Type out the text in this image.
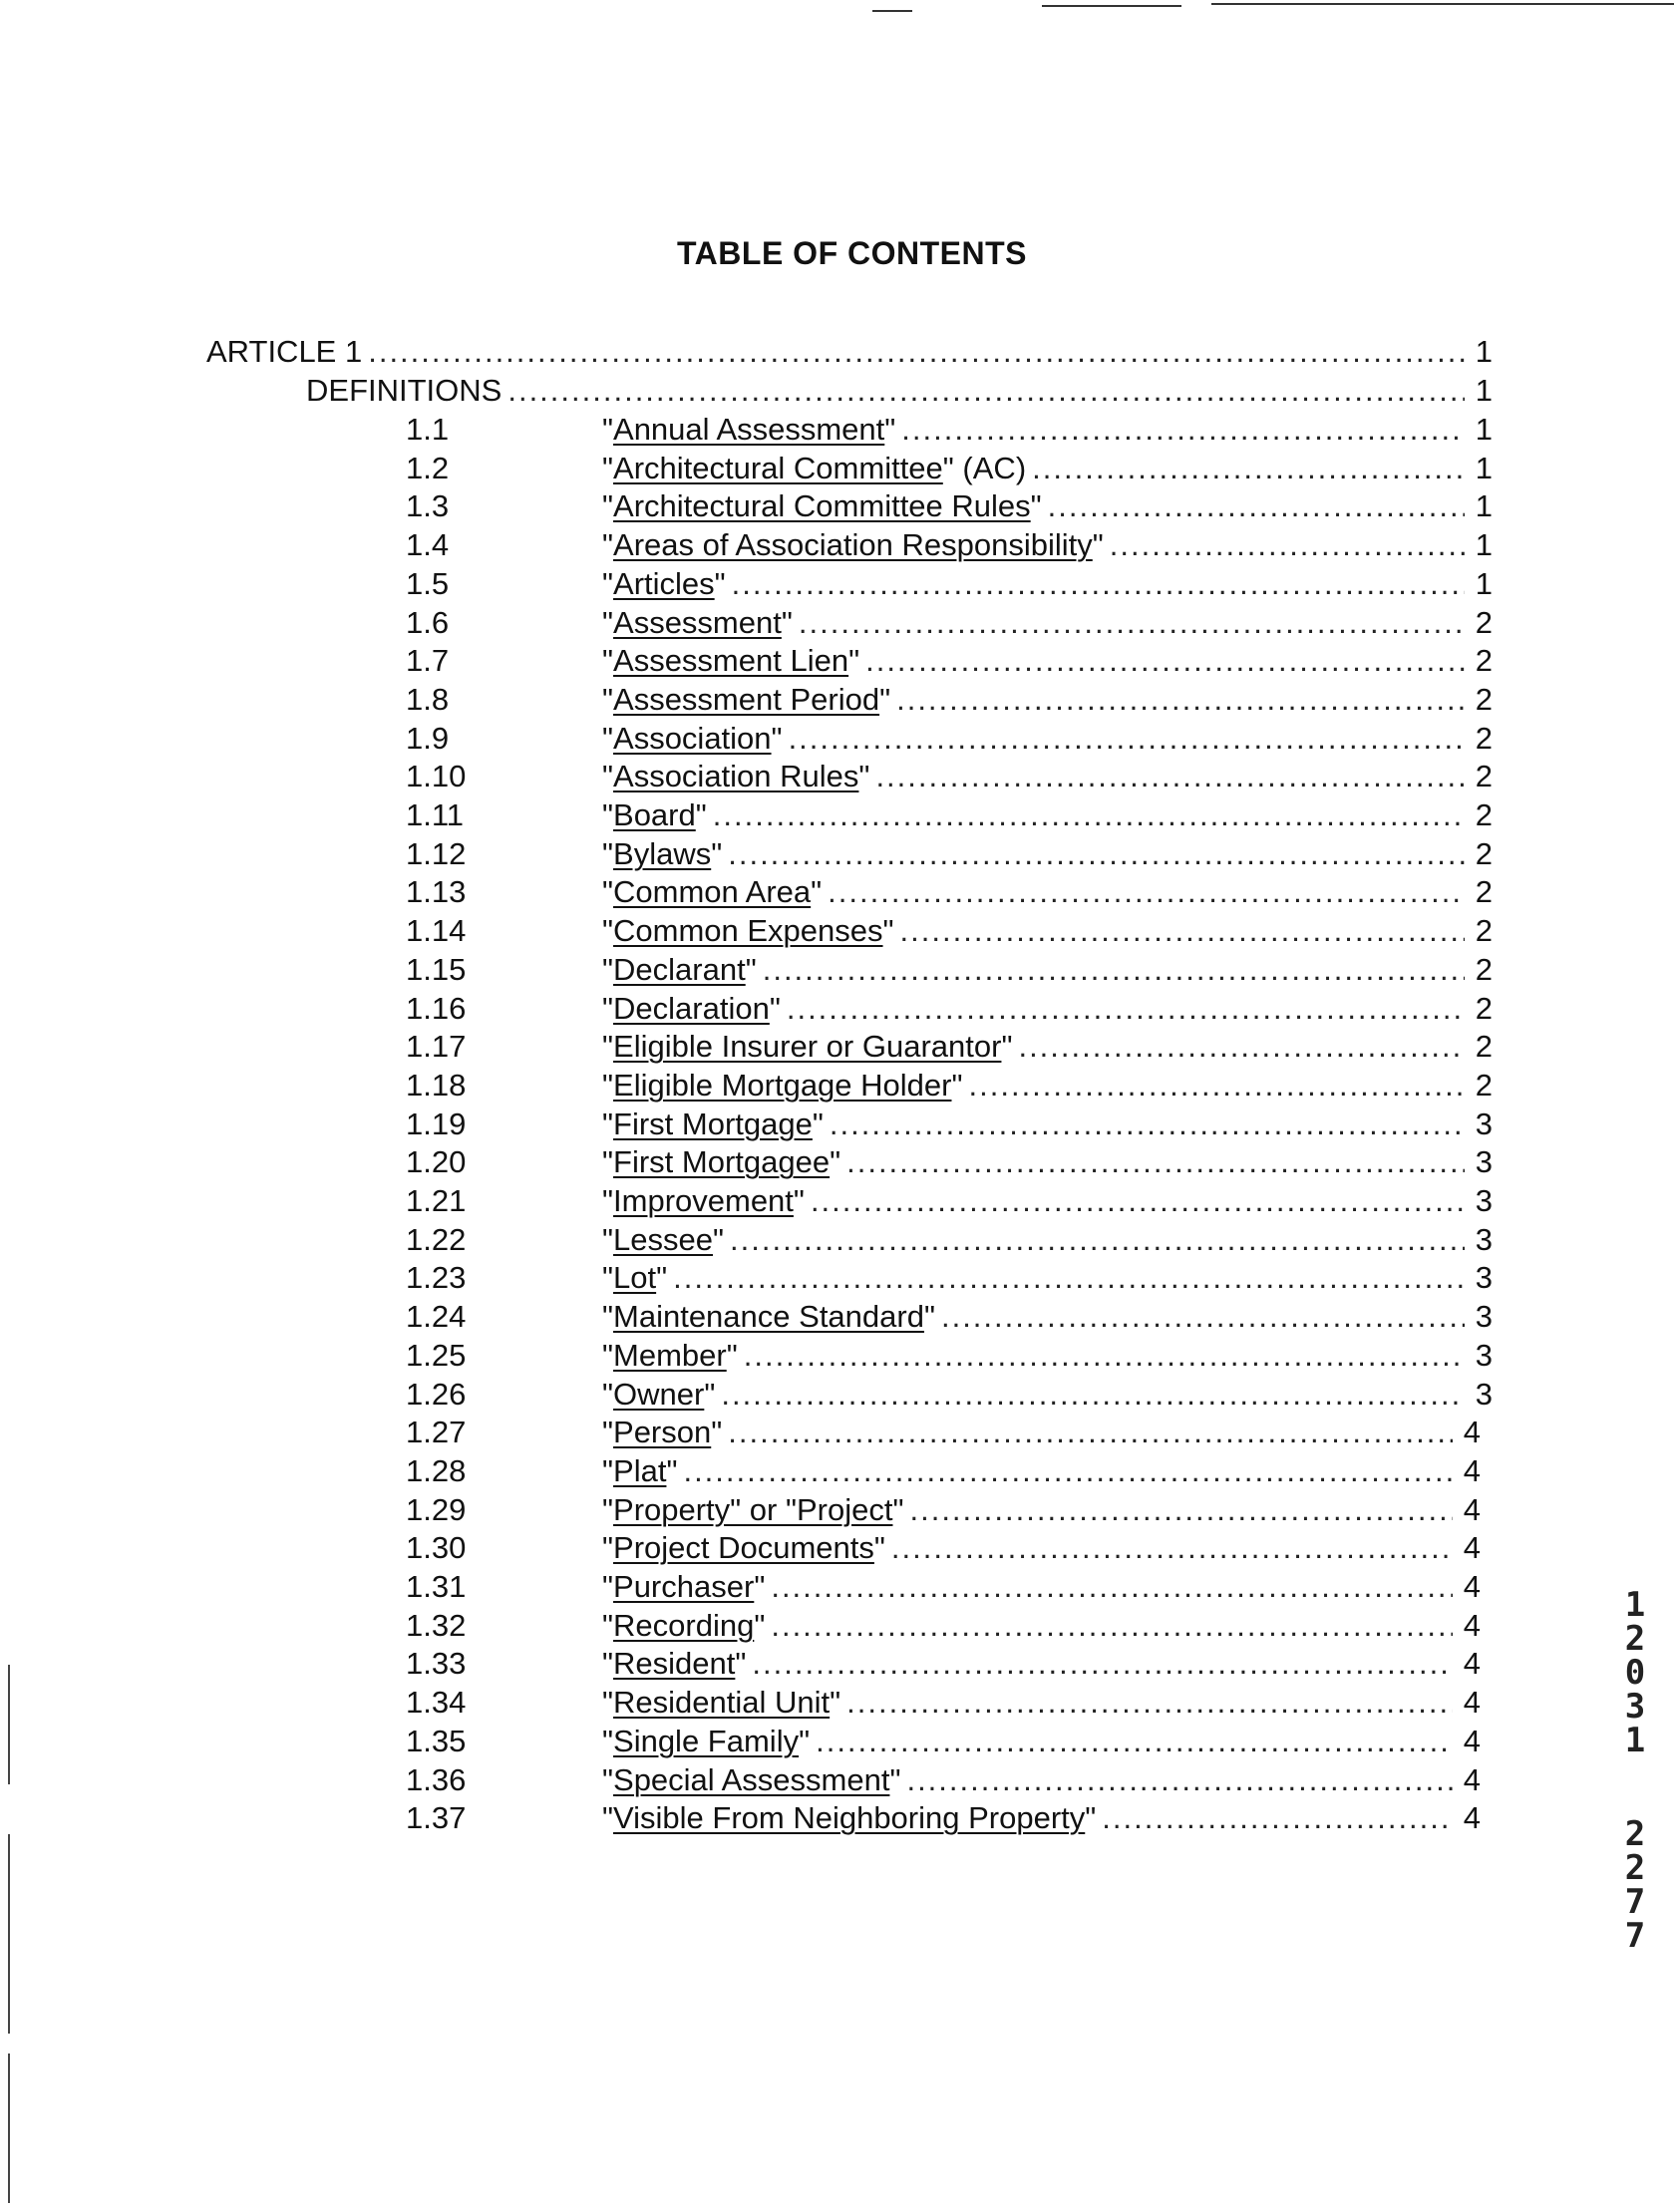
TABLE OF CONTENTS
ARTICLE 1 .....	1
DEFINITIONS .....	1
1.1	"Annual Assessment" .....	1
1.2	"Architectural Committee" (AC) .....	1
1.3	"Architectural Committee Rules" .....	1
1.4	"Areas of Association Responsibility" .....	1
1.5	"Articles" .....	1
1.6	"Assessment" .....	2
1.7	"Assessment Lien" .....	2
1.8	"Assessment Period" .....	2
1.9	"Association" .....	2
1.10	"Association Rules" .....	2
1.11	"Board" .....	2
1.12	"Bylaws" .....	2
1.13	"Common Area" .....	2
1.14	"Common Expenses" .....	2
1.15	"Declarant" .....	2
1.16	"Declaration" .....	2
1.17	"Eligible Insurer or Guarantor" .....	2
1.18	"Eligible Mortgage Holder" .....	2
1.19	"First Mortgage" .....	3
1.20	"First Mortgagee" .....	3
1.21	"Improvement" .....	3
1.22	"Lessee" .....	3
1.23	"Lot" .....	3
1.24	"Maintenance Standard" .....	3
1.25	"Member" .....	3
1.26	"Owner" .....	3
1.27	"Person" .....	4
1.28	"Plat" .....	4
1.29	"Property" or "Project" .....	4
1.30	"Project Documents" .....	4
1.31	"Purchaser" .....	4
1.32	"Recording" .....	4
1.33	"Resident" .....	4
1.34	"Residential Unit" .....	4
1.35	"Single Family" .....	4
1.36	"Special Assessment" .....	4
1.37	"Visible From Neighboring Property" .....	4
1
2
0
3
1

2
2
7
7
